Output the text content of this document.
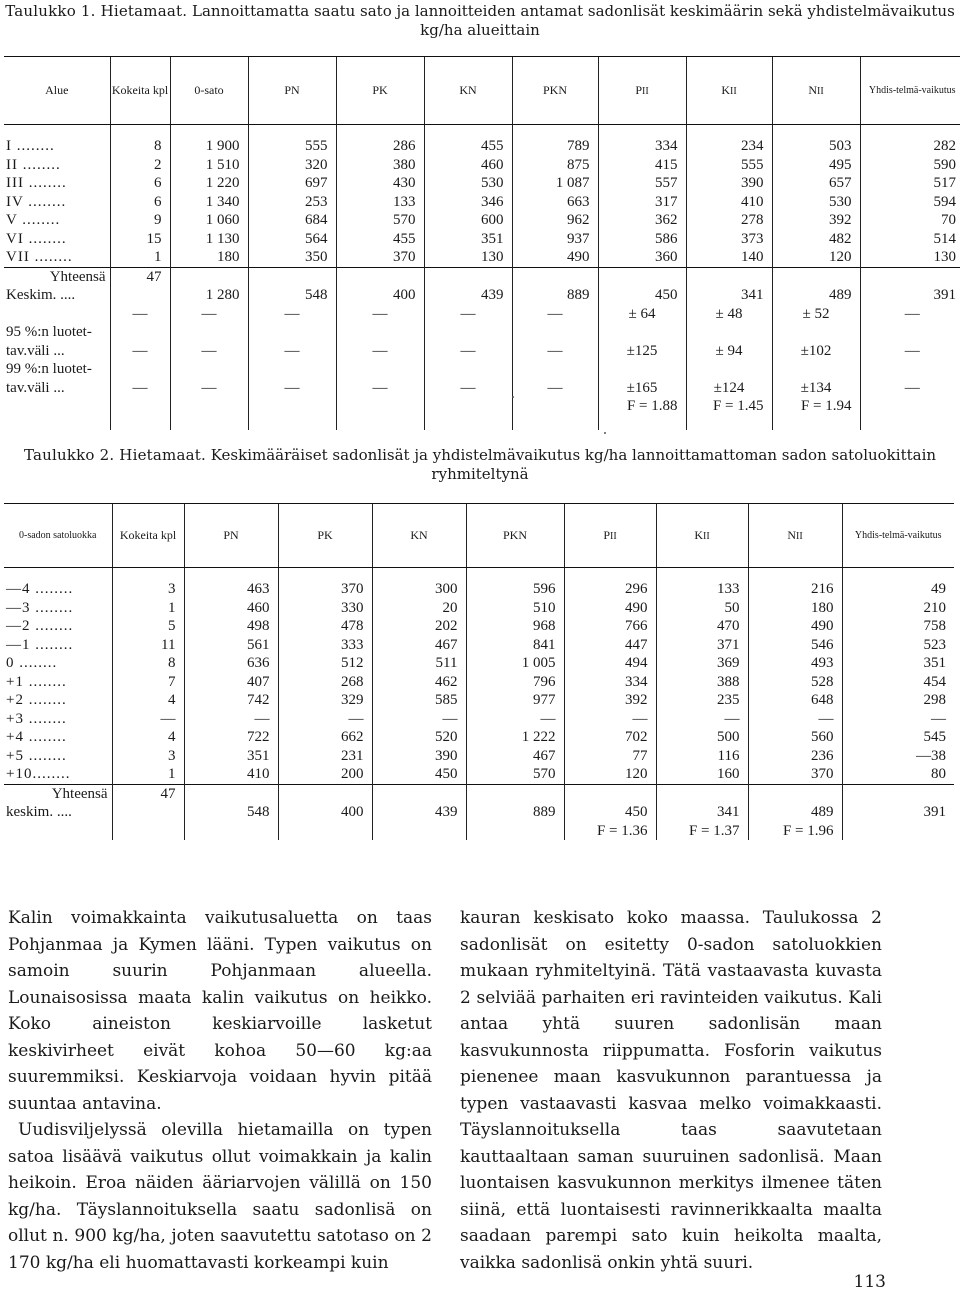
Taulukko 1. Hietamaat. Lannoittamatta saatu sato ja lannoitteiden antamat sadonlisät keskimäärin sekä yhdistelmävaikutus kg/ha alueittain
Alue	Kokeita kpl	0-sato	PN	PK	KN	PKN	PII	KII	NII	Yhdis-telmä-vaikutus

I ........	8	1 900	555	286	455	789	334	234	503	282
II ........	2	1 510	320	380	460	875	415	555	495	590
III ........	6	1 220	697	430	530	1 087	557	390	657	517
IV ........	6	1 340	253	133	346	663	317	410	530	594
V ........	9	1 060	684	570	600	962	362	278	392	70
VI ........	15	1 130	564	455	351	937	586	373	482	514
VII ........	1	180	350	370	130	490	360	140	120	130
Yhteensä	47									
Keskim. ....		1 280	548	400	439	889	450	341	489	391
	—	—	—	—	—	—	± 64	± 48	± 52	—
95 %:n luotet-										
tav.väli ...	—	—	—	—	—	—	±125	± 94	±102	—
99 %:n luotet-										
tav.väli ...	—	—	—	—	—	—	±165	±124	±134	—
							F = 1.88	F = 1.45	F = 1.94	

Taulukko 2. Hietamaat. Keskimääräiset sadonlisät ja yhdistelmävaikutus kg/ha lannoittamattoman sadon satoluokittain ryhmiteltynä
0-sadon satoluokka	Kokeita kpl	PN	PK	KN	PKN	PII	KII	NII	Yhdis-telmä-vaikutus

—4 ........	3	463	370	300	596	296	133	216	49
—3 ........	1	460	330	20	510	490	50	180	210
—2 ........	5	498	478	202	968	766	470	490	758
—1 ........	11	561	333	467	841	447	371	546	523
0 ........	8	636	512	511	1 005	494	369	493	351
+1 ........	7	407	268	462	796	334	388	528	454
+2 ........	4	742	329	585	977	392	235	648	298
+3 ........	—	—	—	—	—	—	—	—	—
+4 ........	4	722	662	520	1 222	702	500	560	545
+5 ........	3	351	231	390	467	77	116	236	—38
+10........	1	410	200	450	570	120	160	370	80
Yhteensä	47								
keskim. ....		548	400	439	889	450	341	489	391
						F = 1.36	F = 1.37	F = 1.96	

Kalin voimakkainta vaikutusaluetta on taas Pohjanmaa ja Kymen lääni. Typen vaikutus on samoin suurin Pohjanmaan alueella. Lounaisosissa maata kalin vaikutus on heikko. Koko aineiston keskiarvoille lasketut keskivirheet eivät kohoa 50—60 kg:aa suuremmiksi. Keskiarvoja voidaan hyvin pitää suuntaa antavina.

Uudisviljelyssä olevilla hietamailla on typen satoa lisäävä vaikutus ollut voimakkain ja kalin heikoin. Eroa näiden ääriarvojen välillä on 150 kg/ha. Täyslannoituksella saatu sadonlisä on ollut n. 900 kg/ha, joten saavutettu satotaso on 2 170 kg/ha eli huomattavasti korkeampi kuin

kauran keskisato koko maassa. Taulukossa 2 sadonlisät on esitetty 0-sadon satoluokkien mukaan ryhmiteltyinä. Tätä vastaavasta kuvasta 2 selviää parhaiten eri ravinteiden vaikutus. Kali antaa yhtä suuren sadonlisän maan kasvukunnosta riippumatta. Fosforin vaikutus pienenee maan kasvukunnon parantuessa ja typen vastaavasti kasvaa melko voimakkaasti. Täyslannoituksella taas saavutetaan kauttaaltaan saman suuruinen sadonlisä. Maan luontaisen kasvukunnon merkitys ilmenee täten siinä, että luontaisesti ravinnerikkaalta maalta saadaan parempi sato kuin heikolta maalta, vaikka sadonlisä onkin yhtä suuri.

113
